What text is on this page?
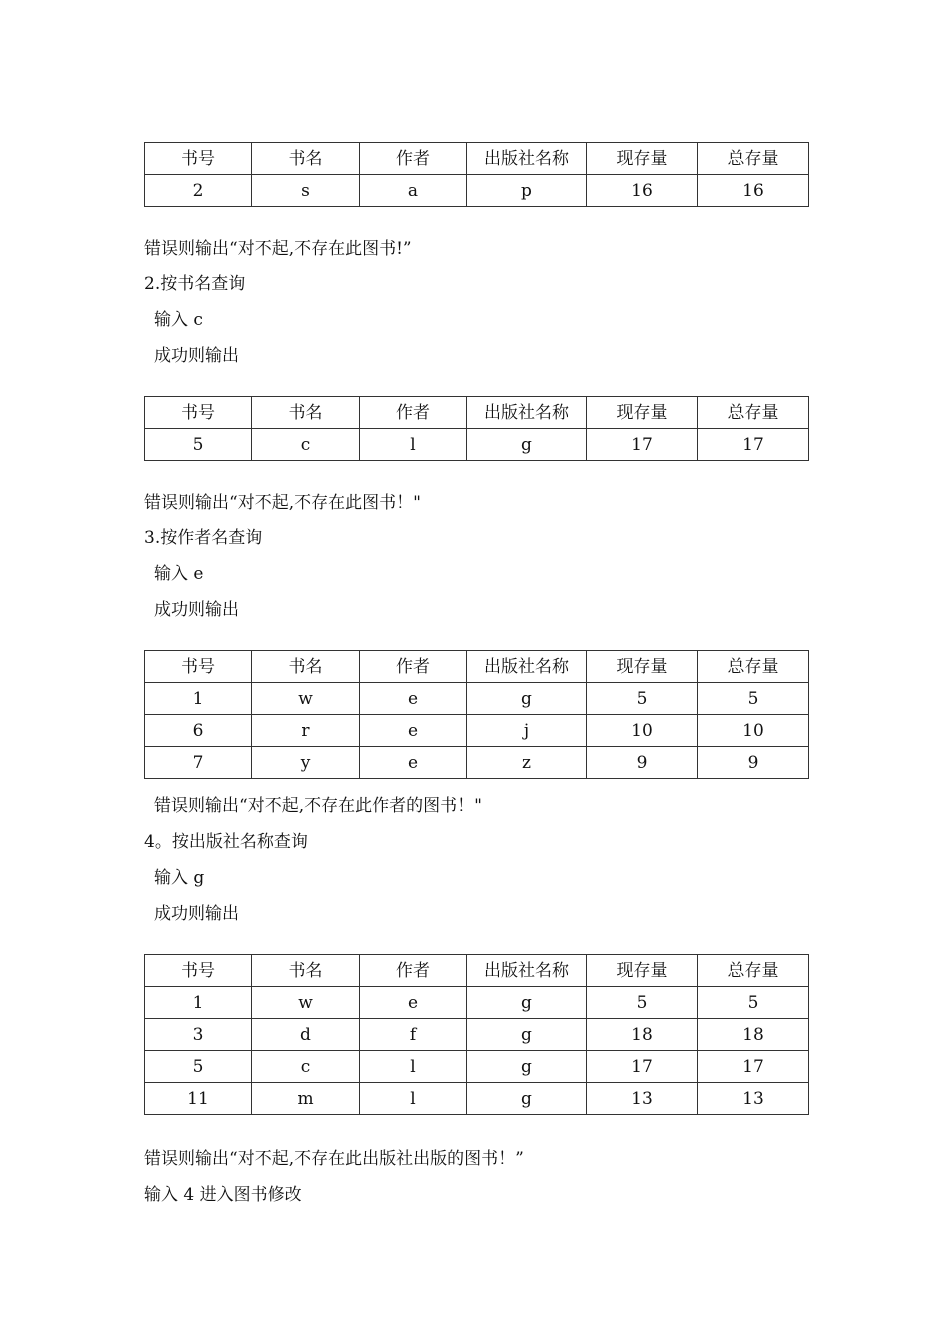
书号	书名	作者	出版社名称	现存量	总存量
2	s	a	p	16	16
错误则输出“对不起,不存在此图书!”
2.按书名查询
输入 c
成功则输出
书号	书名	作者	出版社名称	现存量	总存量
5	c	l	g	17	17
错误则输出“对不起,不存在此图书！"
3.按作者名查询
输入 e
成功则输出
书号	书名	作者	出版社名称	现存量	总存量
1	w	e	g	5	5
6	r	e	j	10	10
7	y	e	z	9	9
错误则输出“对不起,不存在此作者的图书！"
4。按出版社名称查询
输入 g
成功则输出
书号	书名	作者	出版社名称	现存量	总存量
1	w	e	g	5	5
3	d	f	g	18	18
5	c	l	g	17	17
11	m	l	g	13	13
错误则输出“对不起,不存在此出版社出版的图书！”
输入 4 进入图书修改
